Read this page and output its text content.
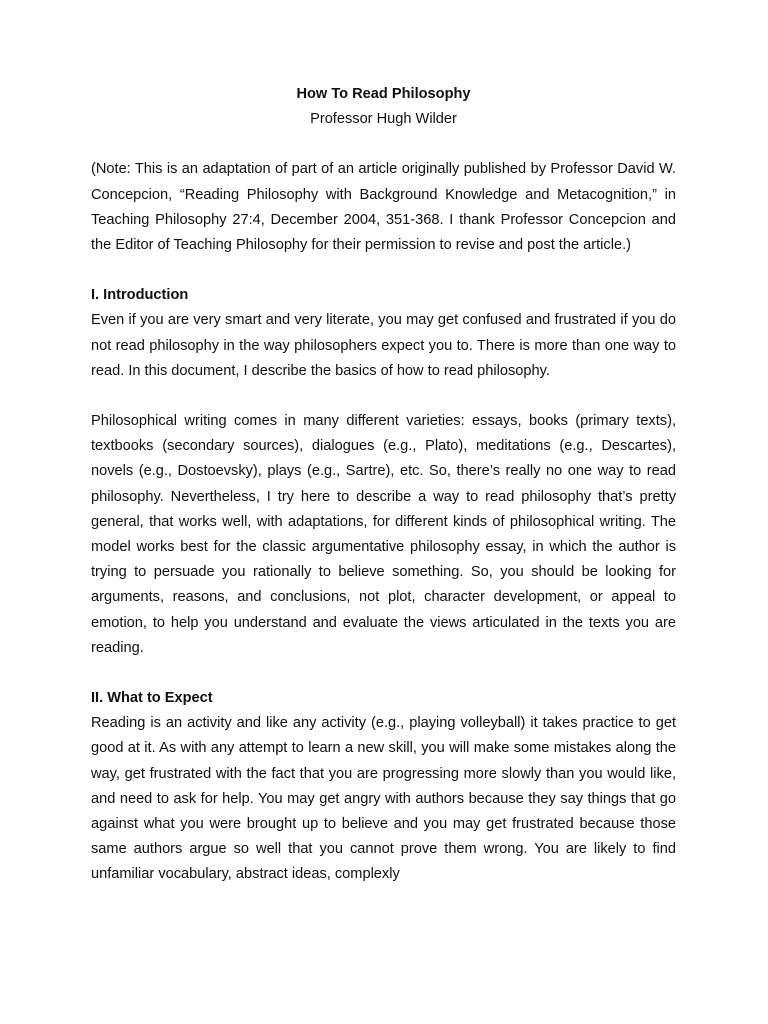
How To Read Philosophy

Professor Hugh Wilder

(Note: This is an adaptation of part of an article originally published by Professor David W. Concepcion, “Reading Philosophy with Background Knowledge and Metacognition,” in Teaching Philosophy 27:4, December 2004, 351-368. I thank Professor Concepcion and the Editor of Teaching Philosophy for their permission to revise and post the article.)

I. Introduction

Even if you are very smart and very literate, you may get confused and frustrated if you do not read philosophy in the way philosophers expect you to. There is more than one way to read. In this document, I describe the basics of how to read philosophy.

Philosophical writing comes in many different varieties: essays, books (primary texts), textbooks (secondary sources), dialogues (e.g., Plato), meditations (e.g., Descartes), novels (e.g., Dostoevsky), plays (e.g., Sartre), etc. So, there’s really no one way to read philosophy. Nevertheless, I try here to describe a way to read philosophy that’s pretty general, that works well, with adaptations, for different kinds of philosophical writing. The model works best for the classic argumentative philosophy essay, in which the author is trying to persuade you rationally to believe something. So, you should be looking for arguments, reasons, and conclusions, not plot, character development, or appeal to emotion, to help you understand and evaluate the views articulated in the texts you are reading.

II. What to Expect

Reading is an activity and like any activity (e.g., playing volleyball) it takes practice to get good at it. As with any attempt to learn a new skill, you will make some mistakes along the way, get frustrated with the fact that you are progressing more slowly than you would like, and need to ask for help. You may get angry with authors because they say things that go against what you were brought up to believe and you may get frustrated because those same authors argue so well that you cannot prove them wrong. You are likely to find unfamiliar vocabulary, abstract ideas, complexly
